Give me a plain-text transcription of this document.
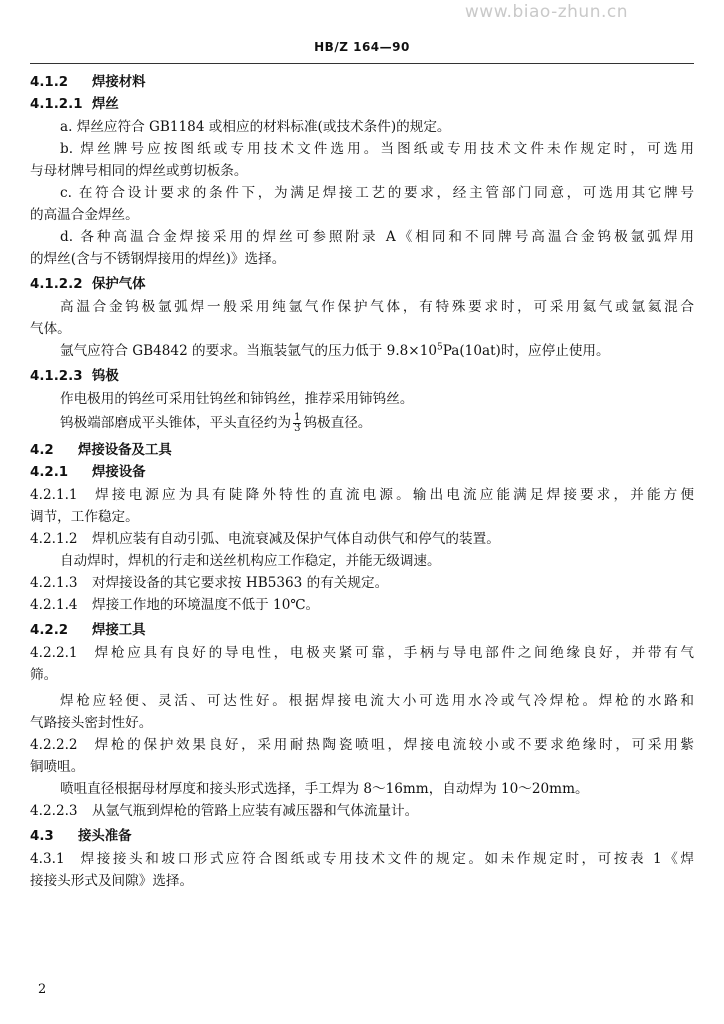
www.biao-zhun.cn
HB/Z 164—90
4.1.2 焊接材料
4.1.2.1 焊丝
a. 焊丝应符合 GB1184 或相应的材料标准(或技术条件)的规定。
b. 焊丝牌号应按图纸或专用技术文件选用。当图纸或专用技术文件未作规定时，可选用
与母材牌号相同的焊丝或剪切板条。
c. 在符合设计要求的条件下，为满足焊接工艺的要求，经主管部门同意，可选用其它牌号
的高温合金焊丝。
d. 各种高温合金焊接采用的焊丝可参照附录 A《相同和不同牌号高温合金钨极氩弧焊用
的焊丝(含与不锈钢焊接用的焊丝)》选择。
4.1.2.2 保护气体
高温合金钨极氩弧焊一般采用纯氩气作保护气体，有特殊要求时，可采用氦气或氩氦混合
气体。
氩气应符合 GB4842 的要求。当瓶装氩气的压力低于 $9.8\times 10^5Pa(10at)$时，应停止使用。
4.1.2.3 钨极
作电极用的钨丝可采用钍钨丝和铈钨丝，推荐采用铈钨丝。
钨极端部磨成平头锥体，平头直径约为 $\frac{1}{3}$ 钨极直径。
4.2 焊接设备及工具
4.2.1 焊接设备
4.2.1.1 焊接电源应为具有陡降外特性的直流电源。输出电流应能满足焊接要求，并能方便
调节，工作稳定。
4.2.1.2 焊机应装有自动引弧、电流衰减及保护气体自动供气和停气的装置。
自动焊时，焊机的行走和送丝机构应工作稳定，并能无级调速。
4.2.1.3 对焊接设备的其它要求按 HB5363 的有关规定。
4.2.1.4 焊接工作地的环境温度不低于 10℃。
4.2.2 焊接工具
4.2.2.1 焊枪应具有良好的导电性，电极夹紧可靠，手柄与导电部件之间绝缘良好，并带有气
筛。
焊枪应轻便、灵活、可达性好。根据焊接电流大小可选用水冷或气冷焊枪。焊枪的水路和
气路接头密封性好。
4.2.2.2 焊枪的保护效果良好，采用耐热陶瓷喷咀，焊接电流较小或不要求绝缘时，可采用紫
铜喷咀。
喷咀直径根据母材厚度和接头形式选择，手工焊为 8～16mm，自动焊为 10～20mm。
4.2.2.3 从氩气瓶到焊枪的管路上应装有减压器和气体流量计。
4.3 接头准备
4.3.1 焊接接头和坡口形式应符合图纸或专用技术文件的规定。如未作规定时，可按表 1《焊
接接头形式及间隙》选择。
2
